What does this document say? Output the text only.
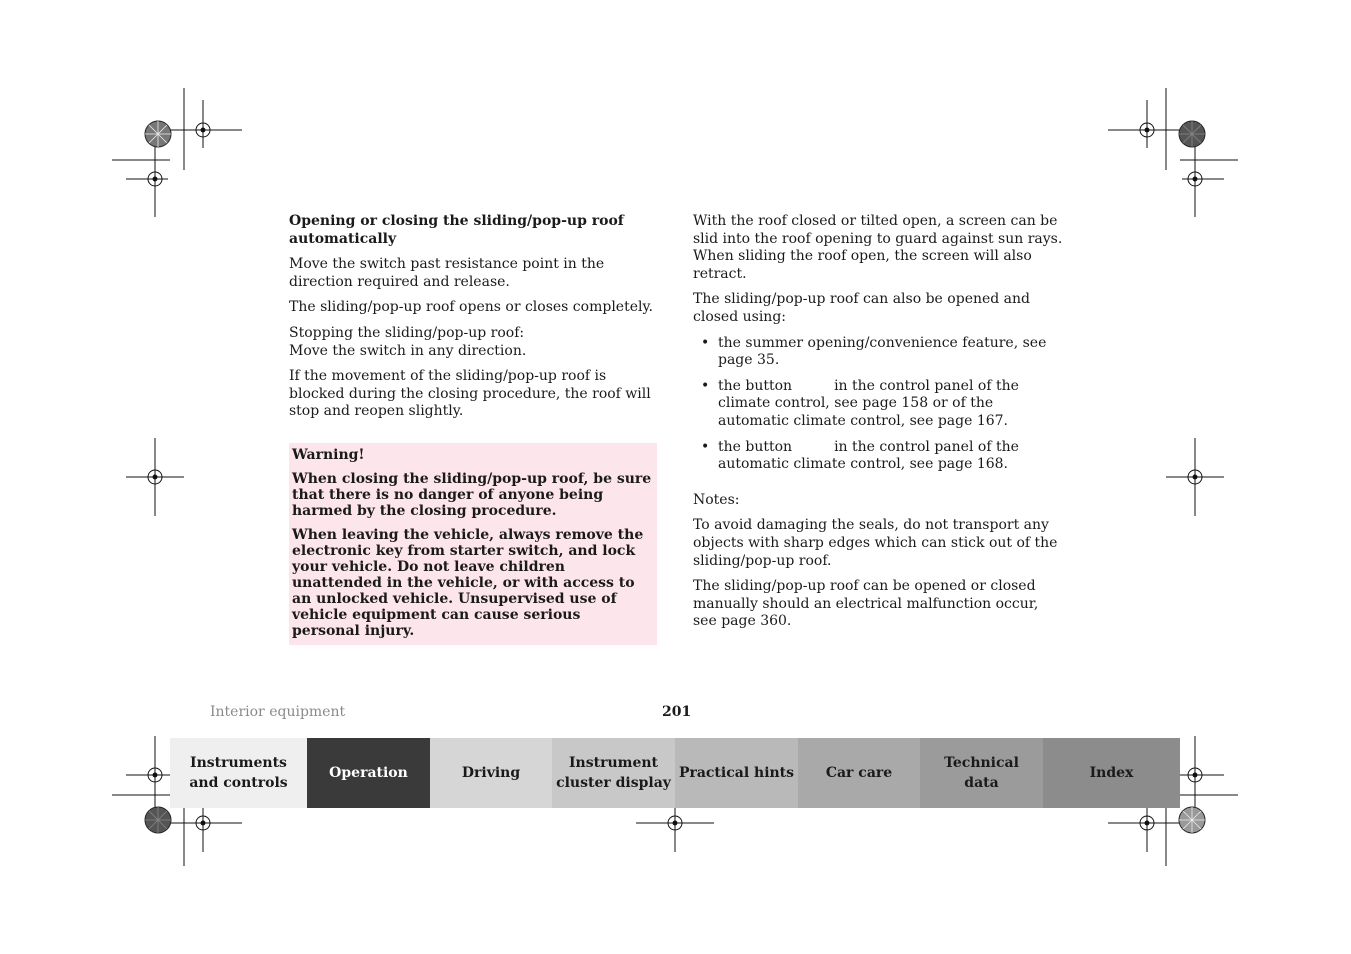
Opening or closing the sliding/pop-up roof automatically

Move the switch past resistance point in the direction required and release.

The sliding/pop-up roof opens or closes completely.

Stopping the sliding/pop-up roof:
Move the switch in any direction.

If the movement of the sliding/pop-up roof is blocked during the closing procedure, the roof will stop and reopen slightly.

Warning!

When closing the sliding/pop-up roof, be sure that there is no danger of anyone being harmed by the closing procedure.

When leaving the vehicle, always remove the electronic key from starter switch, and lock your vehicle. Do not leave children unattended in the vehicle, or with access to an unlocked vehicle. Unsupervised use of vehicle equipment can cause serious personal injury.

With the roof closed or tilted open, a screen can be slid into the roof opening to guard against sun rays. When sliding the roof open, the screen will also retract.

The sliding/pop-up roof can also be opened and closed using:

• the summer opening/convenience feature, see page 35.
• the button	in the control panel of the climate control, see page 158 or of the automatic climate control, see page 167.
• the button	in the control panel of the automatic climate control, see page 168.

Notes:

To avoid damaging the seals, do not transport any objects with sharp edges which can stick out of the sliding/pop-up roof.

The sliding/pop-up roof can be opened or closed manually should an electrical malfunction occur, see page 360.

Interior equipment	201
Instruments
and controls
Operation	Driving
Instrument
cluster display
Practical hints Car care
Technical
data
Index
